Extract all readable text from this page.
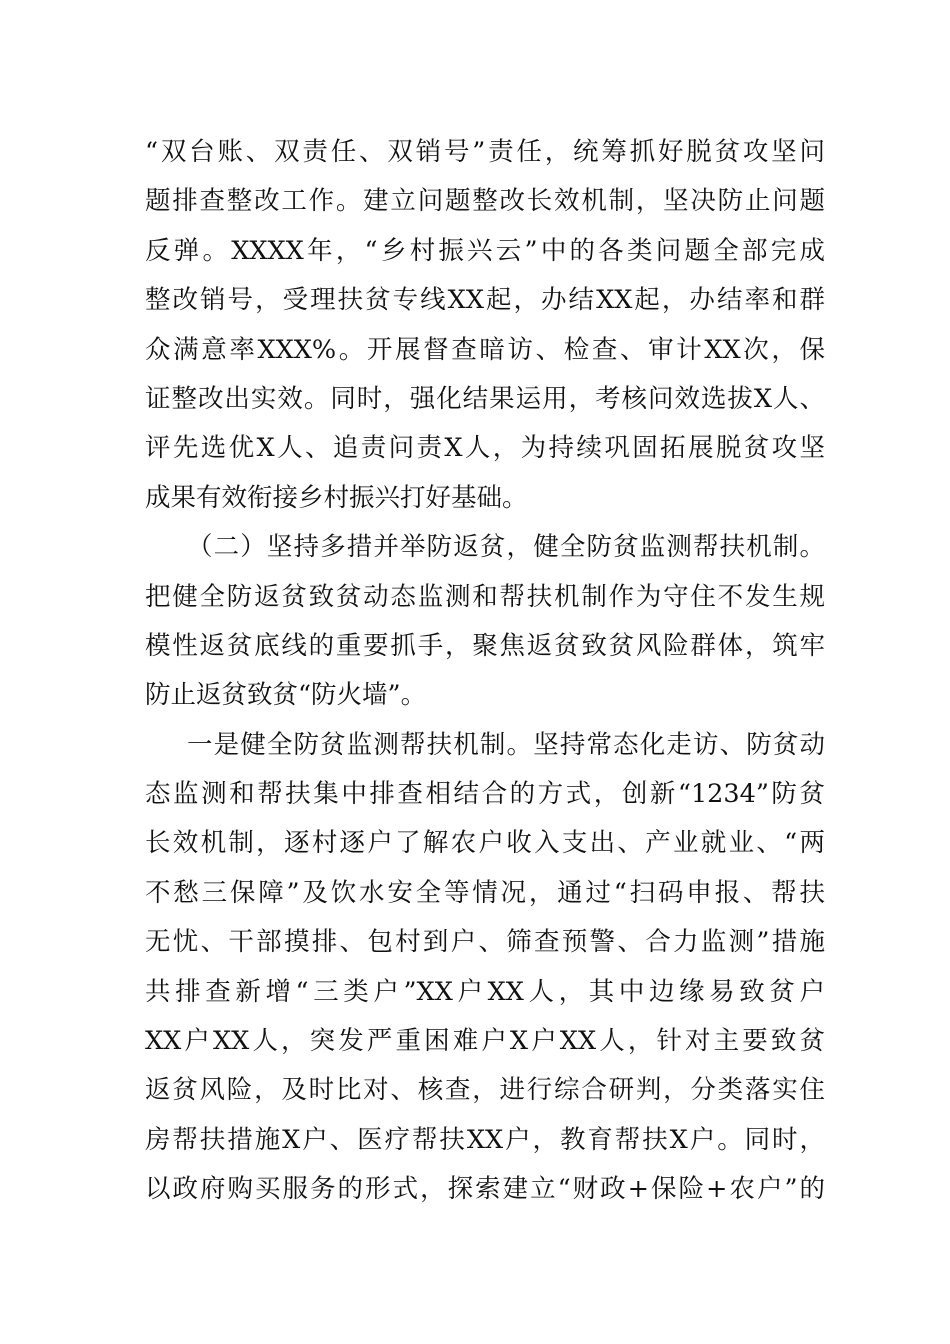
“双台账、双责任、双销号”责任，统筹抓好脱贫攻坚问
题排查整改工作。建立问题整改长效机制，坚决防止问题
反弹。XXXX年，“乡村振兴云”中的各类问题全部完成
整改销号，受理扶贫专线XX起，办结XX起，办结率和群
众满意率XXX%。开展督查暗访、检查、审计XX次，保
证整改出实效。同时，强化结果运用，考核问效选拔X人、
评先选优X人、追责问责X人，为持续巩固拓展脱贫攻坚
成果有效衔接乡村振兴打好基础。
（二）坚持多措并举防返贫，健全防贫监测帮扶机制。
把健全防返贫致贫动态监测和帮扶机制作为守住不发生规
模性返贫底线的重要抓手，聚焦返贫致贫风险群体，筑牢
防止返贫致贫“防火墙”。
一是健全防贫监测帮扶机制。坚持常态化走访、防贫动
态监测和帮扶集中排查相结合的方式，创新“1234”防贫
长效机制，逐村逐户了解农户收入支出、产业就业、“两
不愁三保障”及饮水安全等情况，通过“扫码申报、帮扶
无忧、干部摸排、包村到户、筛查预警、合力监测”措施
共排查新增“三类户”XX户XX人，其中边缘易致贫户
XX户XX人，突发严重困难户X户XX人，针对主要致贫
返贫风险，及时比对、核查，进行综合研判，分类落实住
房帮扶措施X户、医疗帮扶XX户，教育帮扶X户。同时，
以政府购买服务的形式，探索建立“财政+保险+农户”的
